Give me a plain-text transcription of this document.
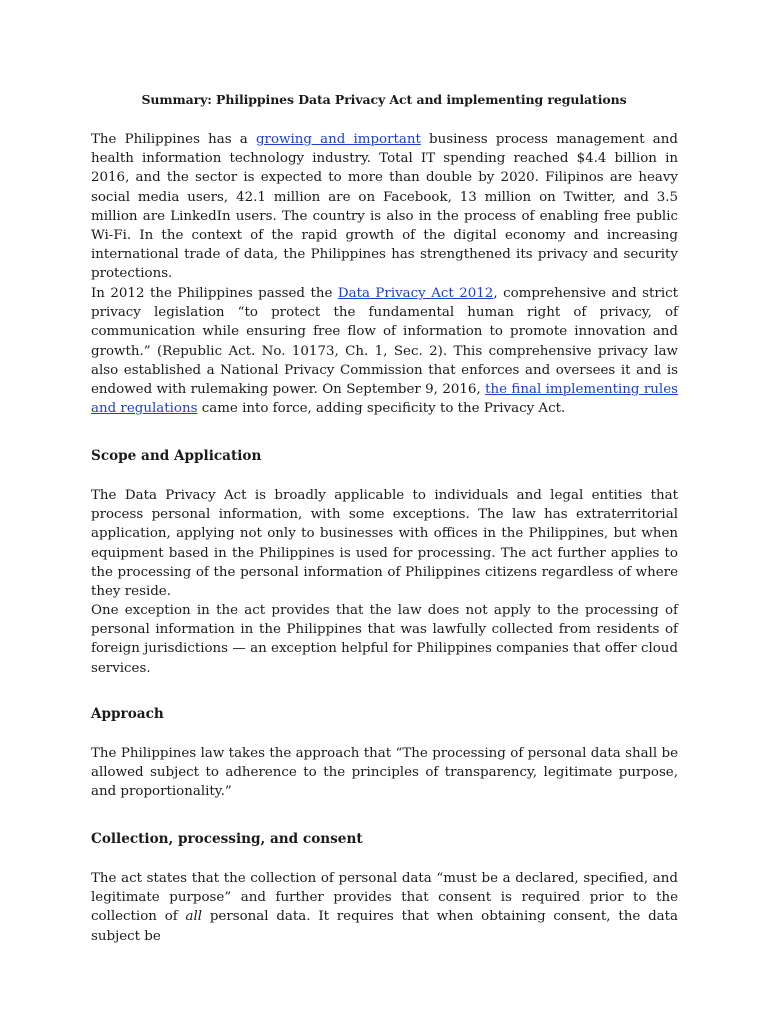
Summary: Philippines Data Privacy Act and implementing regulations

The Philippines has a growing and important business process management and health information technology industry. Total IT spending reached $4.4 billion in 2016, and the sector is expected to more than double by 2020. Filipinos are heavy social media users, 42.1 million are on Facebook, 13 million on Twitter, and 3.5 million are LinkedIn users. The country is also in the process of enabling free public Wi-Fi. In the context of the rapid growth of the digital economy and increasing international trade of data, the Philippines has strengthened its privacy and security protections.

In 2012 the Philippines passed the Data Privacy Act 2012, comprehensive and strict privacy legislation “to protect the fundamental human right of privacy, of communication while ensuring free flow of information to promote innovation and growth.” (Republic Act. No. 10173, Ch. 1, Sec. 2). This comprehensive privacy law also established a National Privacy Commission that enforces and oversees it and is endowed with rulemaking power. On September 9, 2016, the final implementing rules and regulations came into force, adding specificity to the Privacy Act.

Scope and Application

The Data Privacy Act is broadly applicable to individuals and legal entities that process personal information, with some exceptions. The law has extraterritorial application, applying not only to businesses with offices in the Philippines, but when equipment based in the Philippines is used for processing. The act further applies to the processing of the personal information of Philippines citizens regardless of where they reside.

One exception in the act provides that the law does not apply to the processing of personal information in the Philippines that was lawfully collected from residents of foreign jurisdictions — an exception helpful for Philippines companies that offer cloud services.

Approach

The Philippines law takes the approach that “The processing of personal data shall be allowed subject to adherence to the principles of transparency, legitimate purpose, and proportionality.”

Collection, processing, and consent

The act states that the collection of personal data “must be a declared, specified, and legitimate purpose” and further provides that consent is required prior to the collection of all personal data. It requires that when obtaining consent, the data subject be
